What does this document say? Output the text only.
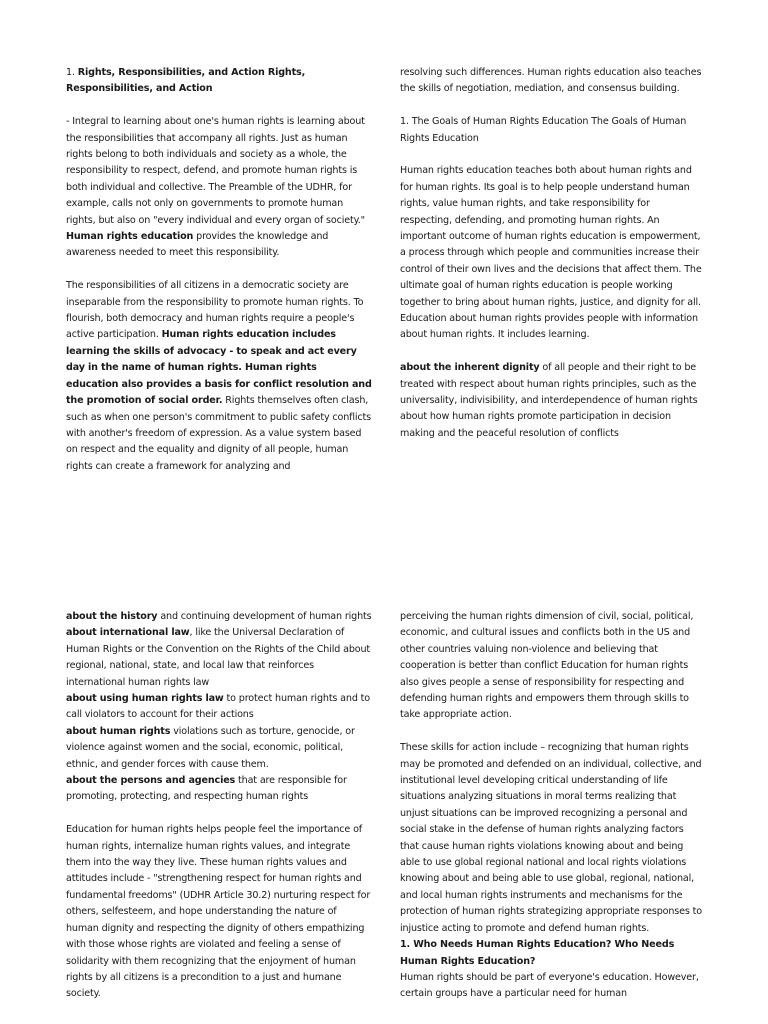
1. Rights, Responsibilities, and Action Rights, Responsibilities, and Action

- Integral to learning about one's human rights is learning about the responsibilities that accompany all rights. Just as human rights belong to both individuals and society as a whole, the responsibility to respect, defend, and promote human rights is both individual and collective. The Preamble of the UDHR, for example, calls not only on governments to promote human rights, but also on "every individual and every organ of society." Human rights education provides the knowledge and awareness needed to meet this responsibility.

The responsibilities of all citizens in a democratic society are inseparable from the responsibility to promote human rights. To flourish, both democracy and human rights require a people's active participation. Human rights education includes learning the skills of advocacy - to speak and act every day in the name of human rights. Human rights education also provides a basis for conflict resolution and the promotion of social order. Rights themselves often clash, such as when one person's commitment to public safety conflicts with another's freedom of expression. As a value system based on respect and the equality and dignity of all people, human rights can create a framework for analyzing and

resolving such differences. Human rights education also teaches the skills of negotiation, mediation, and consensus building.

1. The Goals of Human Rights Education The Goals of Human Rights Education

Human rights education teaches both about human rights and for human rights. Its goal is to help people understand human rights, value human rights, and take responsibility for respecting, defending, and promoting human rights. An important outcome of human rights education is empowerment, a process through which people and communities increase their control of their own lives and the decisions that affect them. The ultimate goal of human rights education is people working together to bring about human rights, justice, and dignity for all. Education about human rights provides people with information about human rights. It includes learning.

about the inherent dignity of all people and their right to be treated with respect about human rights principles, such as the universality, indivisibility, and interdependence of human rights about how human rights promote participation in decision making and the peaceful resolution of conflicts

about the history and continuing development of human rights

about international law, like the Universal Declaration of Human Rights or the Convention on the Rights of the Child about regional, national, state, and local law that reinforces international human rights law

about using human rights law to protect human rights and to call violators to account for their actions

about human rights violations such as torture, genocide, or violence against women and the social, economic, political, ethnic, and gender forces with cause them.

about the persons and agencies that are responsible for promoting, protecting, and respecting human rights

Education for human rights helps people feel the importance of human rights, internalize human rights values, and integrate them into the way they live. These human rights values and attitudes include - "strengthening respect for human rights and fundamental freedoms" (UDHR Article 30.2) nurturing respect for others, selfesteem, and hope understanding the nature of human dignity and respecting the dignity of others empathizing with those whose rights are violated and feeling a sense of solidarity with them recognizing that the enjoyment of human rights by all citizens is a precondition to a just and humane society.

perceiving the human rights dimension of civil, social, political, economic, and cultural issues and conflicts both in the US and other countries valuing non-violence and believing that cooperation is better than conflict Education for human rights also gives people a sense of responsibility for respecting and defending human rights and empowers them through skills to take appropriate action.

These skills for action include – recognizing that human rights may be promoted and defended on an individual, collective, and institutional level developing critical understanding of life situations analyzing situations in moral terms realizing that unjust situations can be improved recognizing a personal and social stake in the defense of human rights analyzing factors that cause human rights violations knowing about and being able to use global regional national and local rights violations knowing about and being able to use global, regional, national, and local human rights instruments and mechanisms for the protection of human rights strategizing appropriate responses to injustice acting to promote and defend human rights.

1. Who Needs Human Rights Education? Who Needs Human Rights Education?

Human rights should be part of everyone's education. However, certain groups have a particular need for human
